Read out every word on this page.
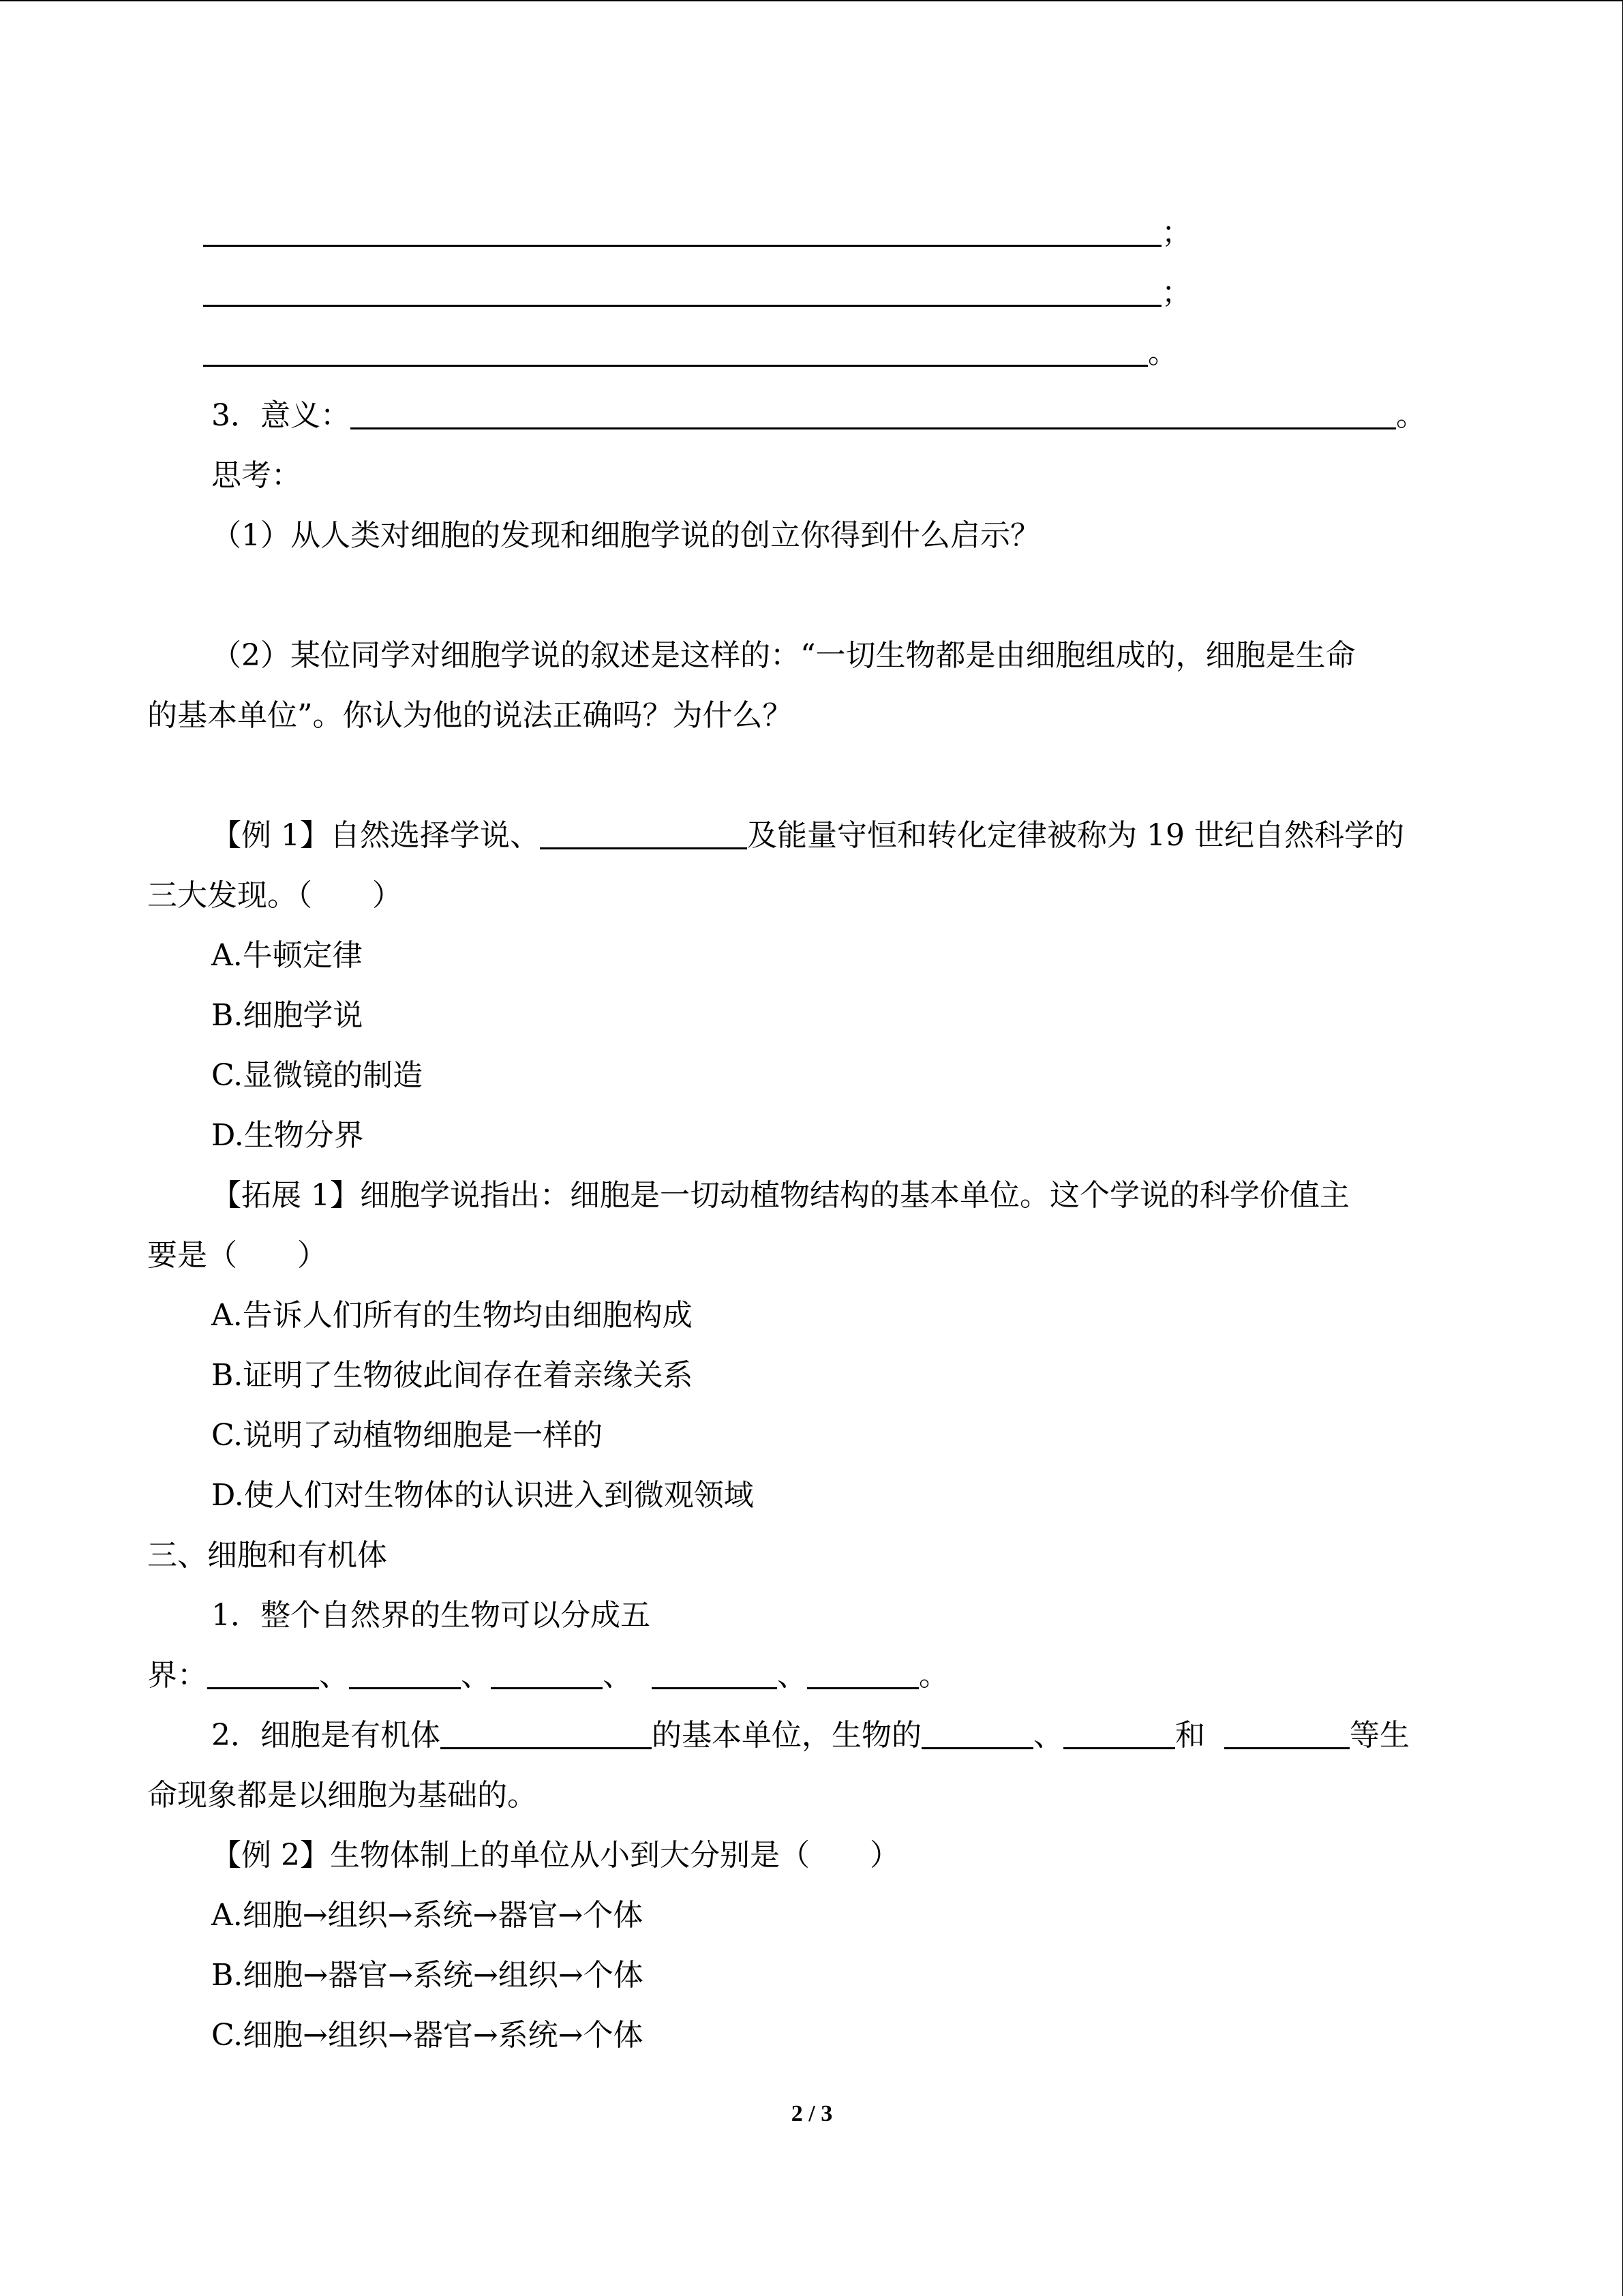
；
；
。
3．意义：	。
思考：
（1）从人类对细胞的发现和细胞学说的创立你得到什么启示？
（2）某位同学对细胞学说的叙述是这样的：“一切生物都是由细胞组成的，细胞是生命
的基本单位”。你认为他的说法正确吗？为什么？
【例 1】自然选择学说、	及能量守恒和转化定律被称为 19 世纪自然科学的
三大发现。（　　）
A.牛顿定律
B.细胞学说
C.显微镜的制造
D.生物分界
【拓展 1】细胞学说指出：细胞是一切动植物结构的基本单位。这个学说的科学价值主
要是（　　）
A.告诉人们所有的生物均由细胞构成
B.证明了生物彼此间存在着亲缘关系
C.说明了动植物细胞是一样的
D.使人们对生物体的认识进入到微观领域
三、细胞和有机体
1．整个自然界的生物可以分成五
界：	、	、	、	、	。
2．细胞是有机体	的基本单位，生物的	、	和	等生
命现象都是以细胞为基础的。
【例 2】生物体制上的单位从小到大分别是（　　）
A.细胞→组织→系统→器官→个体
B.细胞→器官→系统→组织→个体
C.细胞→组织→器官→系统→个体
2 / 3
